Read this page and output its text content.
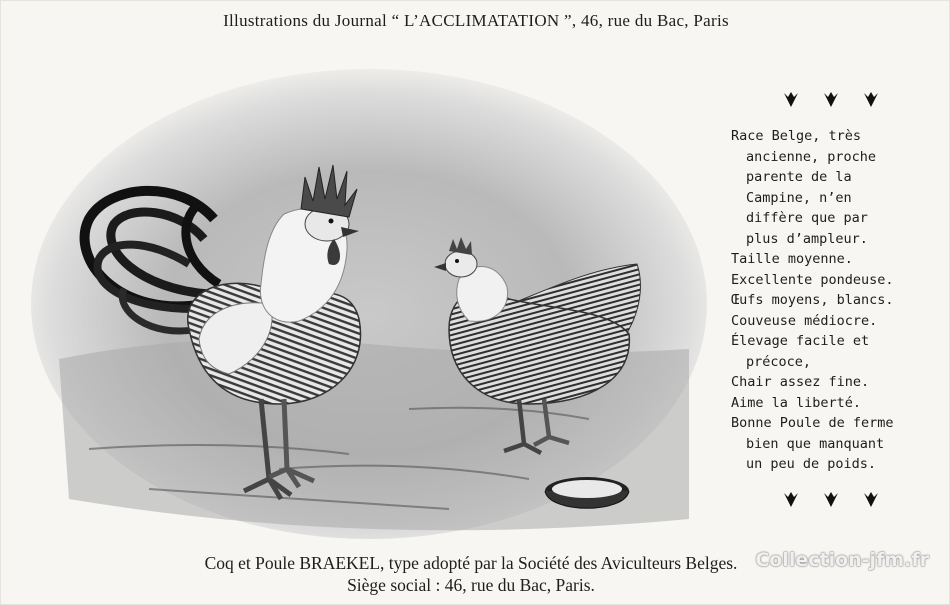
Illustrations du Journal “ L’ACCLIMATATION ”, 46, rue du Bac, Paris
Race Belge, très
ancienne, proche
parente de la
Campine, n’en
diffère que par
plus d’ampleur.
Taille moyenne.
Excellente pondeuse.
Œufs moyens, blancs.
Couveuse médiocre.
Élevage facile et
précoce,
Chair assez fine.
Aime la liberté.
Bonne Poule de ferme
bien que manquant
un peu de poids.
Coq et Poule BRAEKEL, type adopté par la Société des Aviculteurs Belges.
Siège social : 46, rue du Bac, Paris.
Collection-jfm.fr
